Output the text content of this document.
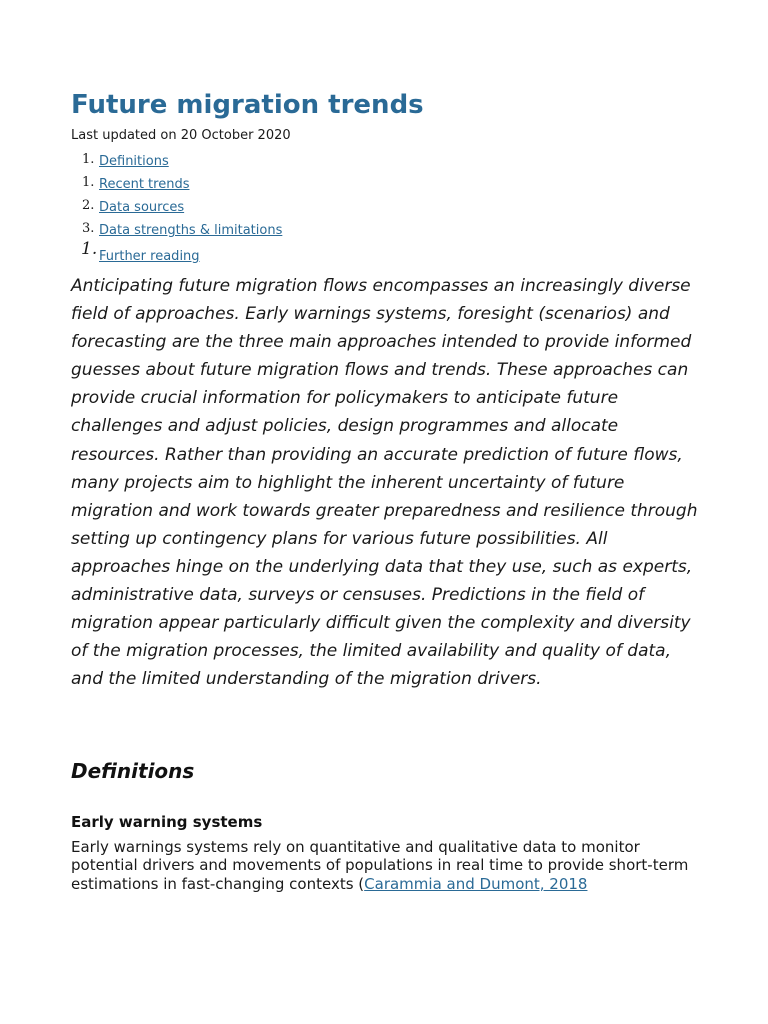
Future migration trends
Last updated on 20 October 2020
1. Definitions
1. Recent trends
2. Data sources
3. Data strengths & limitations
1. Further reading

Anticipating future migration flows encompasses an increasingly diverse field of approaches. Early warnings systems, foresight (scenarios) and forecasting are the three main approaches intended to provide informed guesses about future migration flows and trends. These approaches can provide crucial information for policymakers to anticipate future challenges and adjust policies, design programmes and allocate resources. Rather than providing an accurate prediction of future flows, many projects aim to highlight the inherent uncertainty of future migration and work towards greater preparedness and resilience through setting up contingency plans for various future possibilities. All approaches hinge on the underlying data that they use, such as experts, administrative data, surveys or censuses. Predictions in the field of migration appear particularly difficult given the complexity and diversity of the migration processes, the limited availability and quality of data, and the limited understanding of the migration drivers.

Definitions
Early warning systems

Early warnings systems rely on quantitative and qualitative data to monitor potential drivers and movements of populations in real time to provide short-term estimations in fast-changing contexts (Carammia and Dumont, 2018
